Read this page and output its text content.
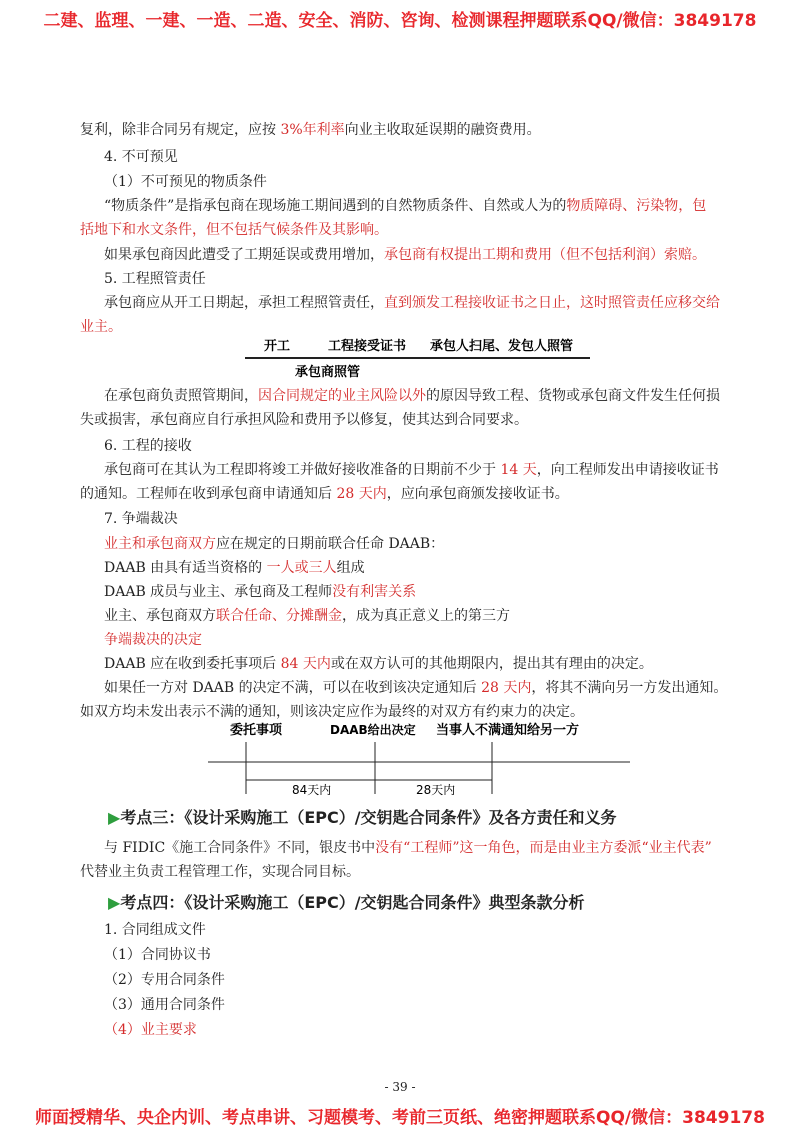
二建、监理、一建、一造、二造、安全、消防、咨询、检测课程押题联系QQ/微信：3849178
复利，除非合同另有规定，应按 3%年利率向业主收取延误期的融资费用。
4. 不可预见
（1）不可预见的物质条件
“物质条件”是指承包商在现场施工期间遇到的自然物质条件、自然或人为的物质障碍、污染物，包
括地下和水文条件，但不包括气候条件及其影响。
如果承包商因此遭受了工期延误或费用增加，承包商有权提出工期和费用（但不包括利润）索赔。
5. 工程照管责任
承包商应从开工日期起，承担工程照管责任，直到颁发工程接收证书之日止，这时照管责任应移交给
业主。
开工	工程接受证书 承包人扫尾、发包人照管
承包商照管
在承包商负责照管期间，因合同规定的业主风险以外的原因导致工程、货物或承包商文件发生任何损
失或损害，承包商应自行承担风险和费用予以修复，使其达到合同要求。
6. 工程的接收
承包商可在其认为工程即将竣工并做好接收准备的日期前不少于 14 天，向工程师发出申请接收证书
的通知。工程师在收到承包商申请通知后 28 天内，应向承包商颁发接收证书。
7. 争端裁决
业主和承包商双方应在规定的日期前联合任命 DAAB：
DAAB 由具有适当资格的 一人或三人组成
DAAB 成员与业主、承包商及工程师没有利害关系
业主、承包商双方联合任命、分摊酬金，成为真正意义上的第三方
争端裁决的决定
DAAB 应在收到委托事项后 84 天内或在双方认可的其他期限内，提出其有理由的决定。
如果任一方对 DAAB 的决定不满，可以在收到该决定通知后 28 天内，将其不满向另一方发出通知。
如双方均未发出表示不满的通知，则该决定应作为最终的对双方有约束力的决定。
委托事项	DAAB给出决定 当事人不满通知给另一方
84天内	28天内
▶考点三：《设计采购施工（EPC）/交钥匙合同条件》及各方责任和义务
与 FIDIC《施工合同条件》不同，银皮书中没有“工程师”这一角色，而是由业主方委派“业主代表”
代替业主负责工程管理工作，实现合同目标。
▶考点四：《设计采购施工（EPC）/交钥匙合同条件》典型条款分析
1. 合同组成文件
（1）合同协议书
（2）专用合同条件
（3）通用合同条件
（4）业主要求
- 39 -
师面授精华、央企内训、考点串讲、习题模考、考前三页纸、绝密押题联系QQ/微信：3849178
